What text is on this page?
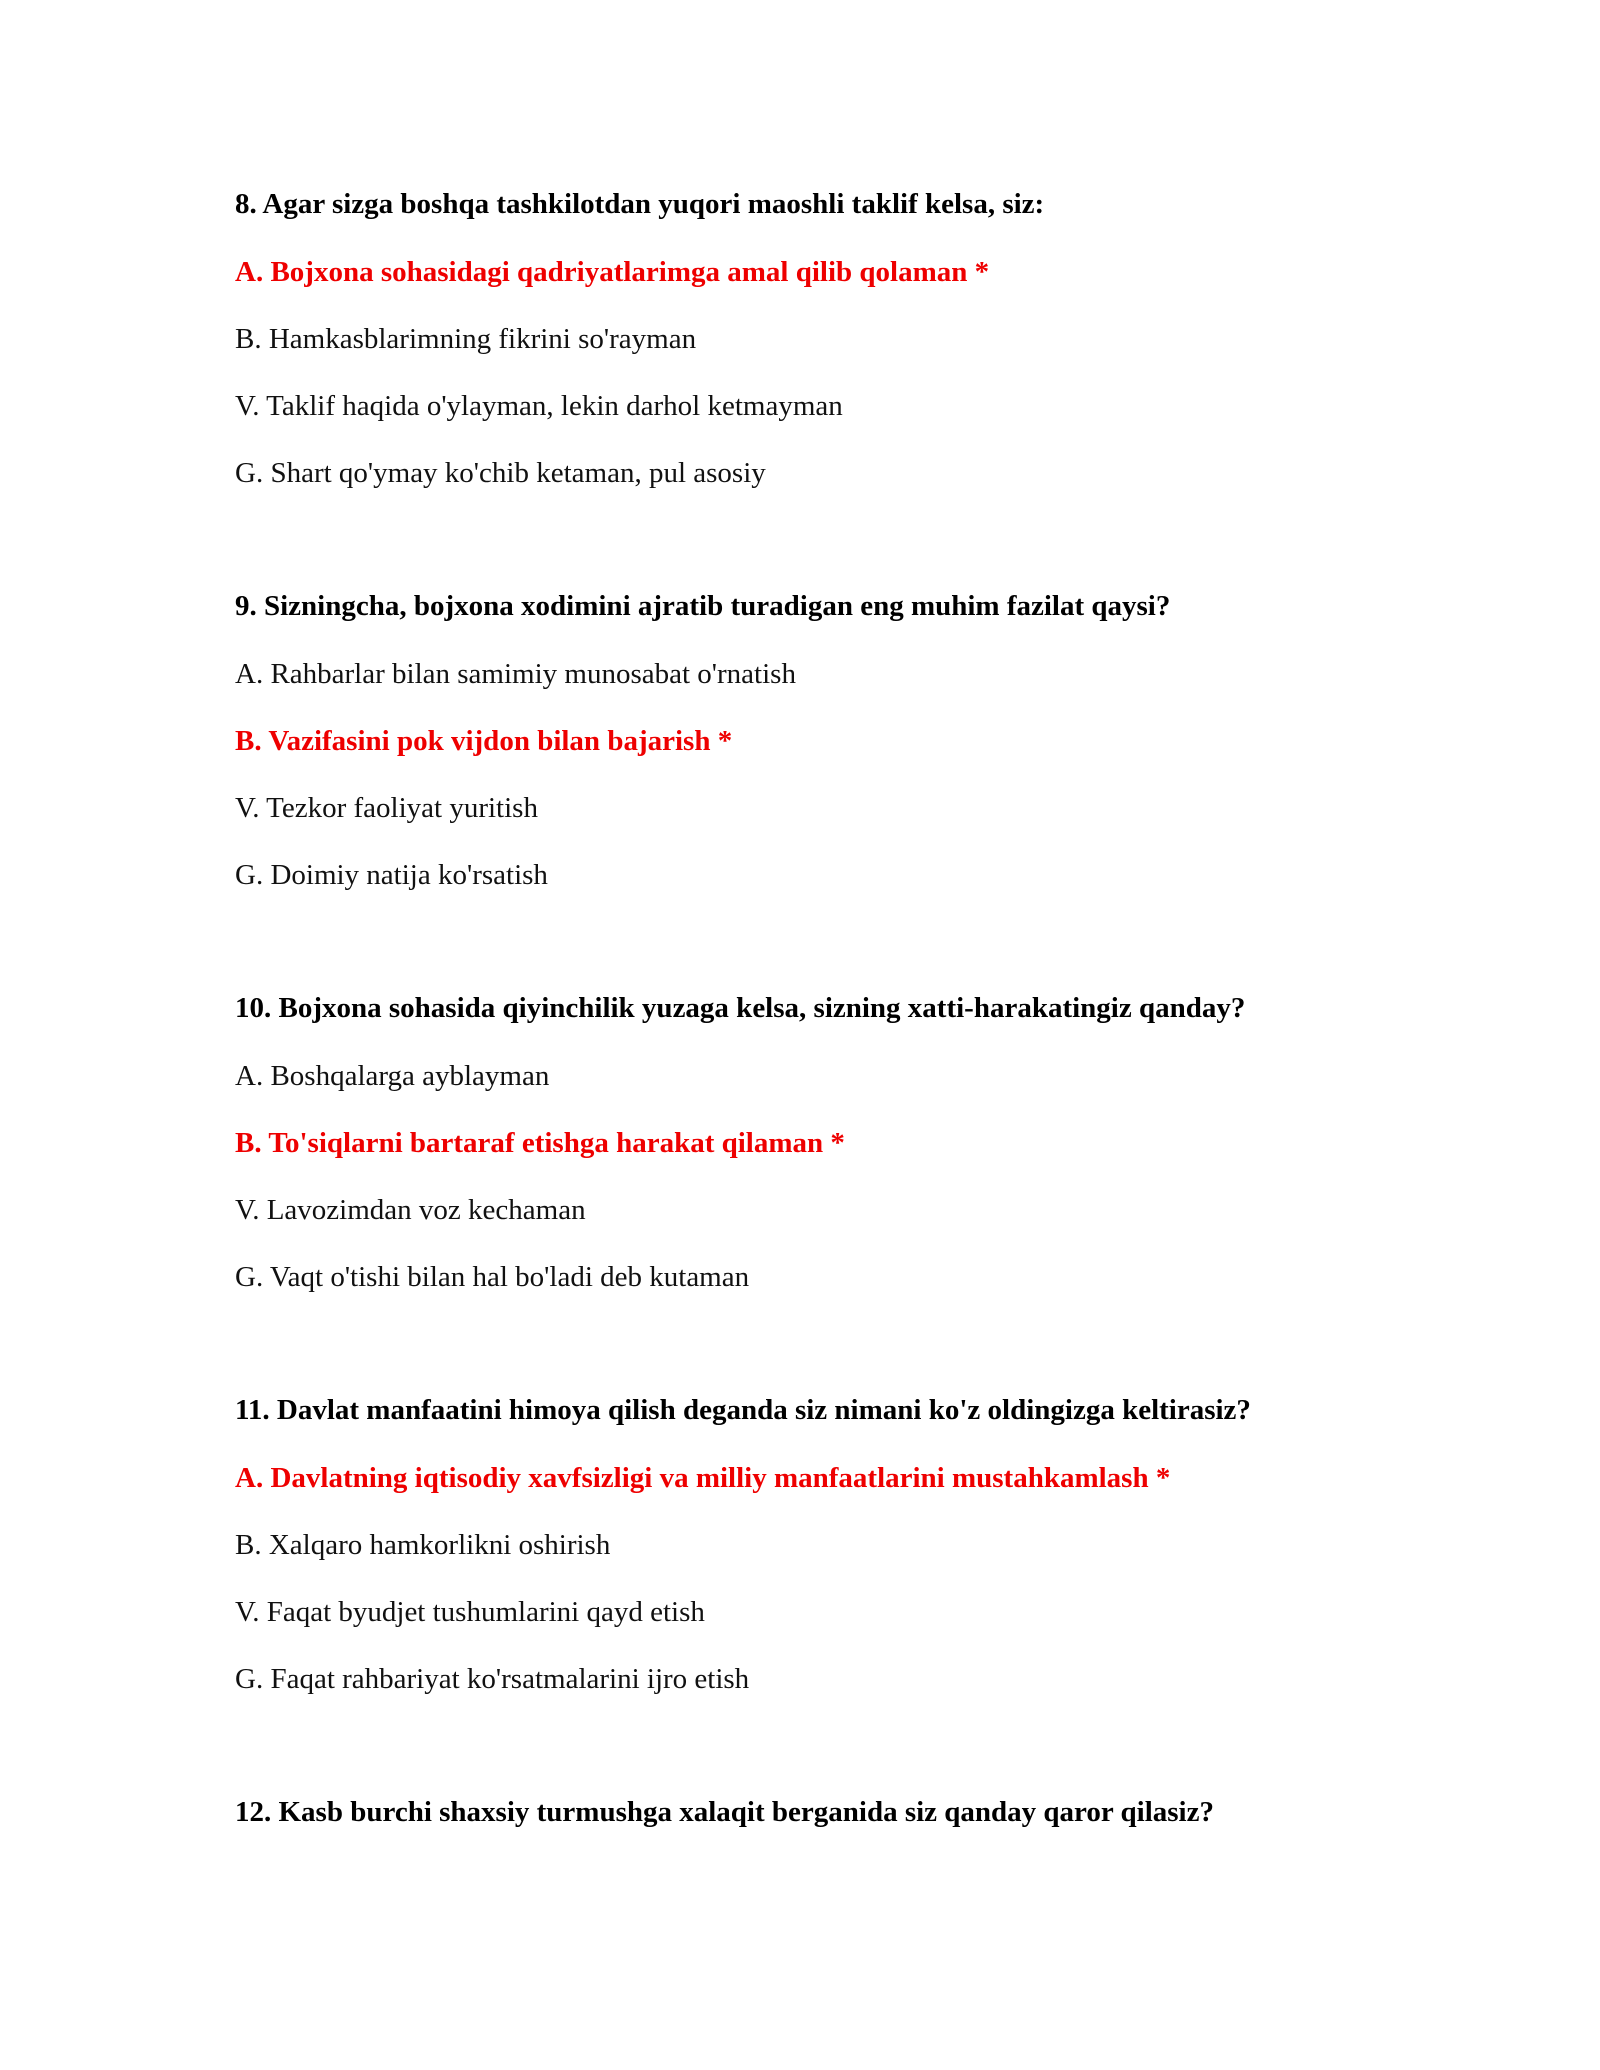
8. Agar sizga boshqa tashkilotdan yuqori maoshli taklif kelsa, siz:
A. Bojxona sohasidagi qadriyatlarimga amal qilib qolaman *
B. Hamkasblarimning fikrini so'rayman
V. Taklif haqida o'ylayman, lekin darhol ketmayman
G. Shart qo'ymay ko'chib ketaman, pul asosiy
9. Sizningcha, bojxona xodimini ajratib turadigan eng muhim fazilat qaysi?
A. Rahbarlar bilan samimiy munosabat o'rnatish
B. Vazifasini pok vijdon bilan bajarish *
V. Tezkor faoliyat yuritish
G. Doimiy natija ko'rsatish
10. Bojxona sohasida qiyinchilik yuzaga kelsa, sizning xatti-harakatingiz qanday?
A. Boshqalarga ayblayman
B. To'siqlarni bartaraf etishga harakat qilaman *
V. Lavozimdan voz kechaman
G. Vaqt o'tishi bilan hal bo'ladi deb kutaman
11. Davlat manfaatini himoya qilish deganda siz nimani ko'z oldingizga keltirasiz?
A. Davlatning iqtisodiy xavfsizligi va milliy manfaatlarini mustahkamlash *
B. Xalqaro hamkorlikni oshirish
V. Faqat byudjet tushumlarini qayd etish
G. Faqat rahbariyat ko'rsatmalarini ijro etish
12. Kasb burchi shaxsiy turmushga xalaqit berganida siz qanday qaror qilasiz?
